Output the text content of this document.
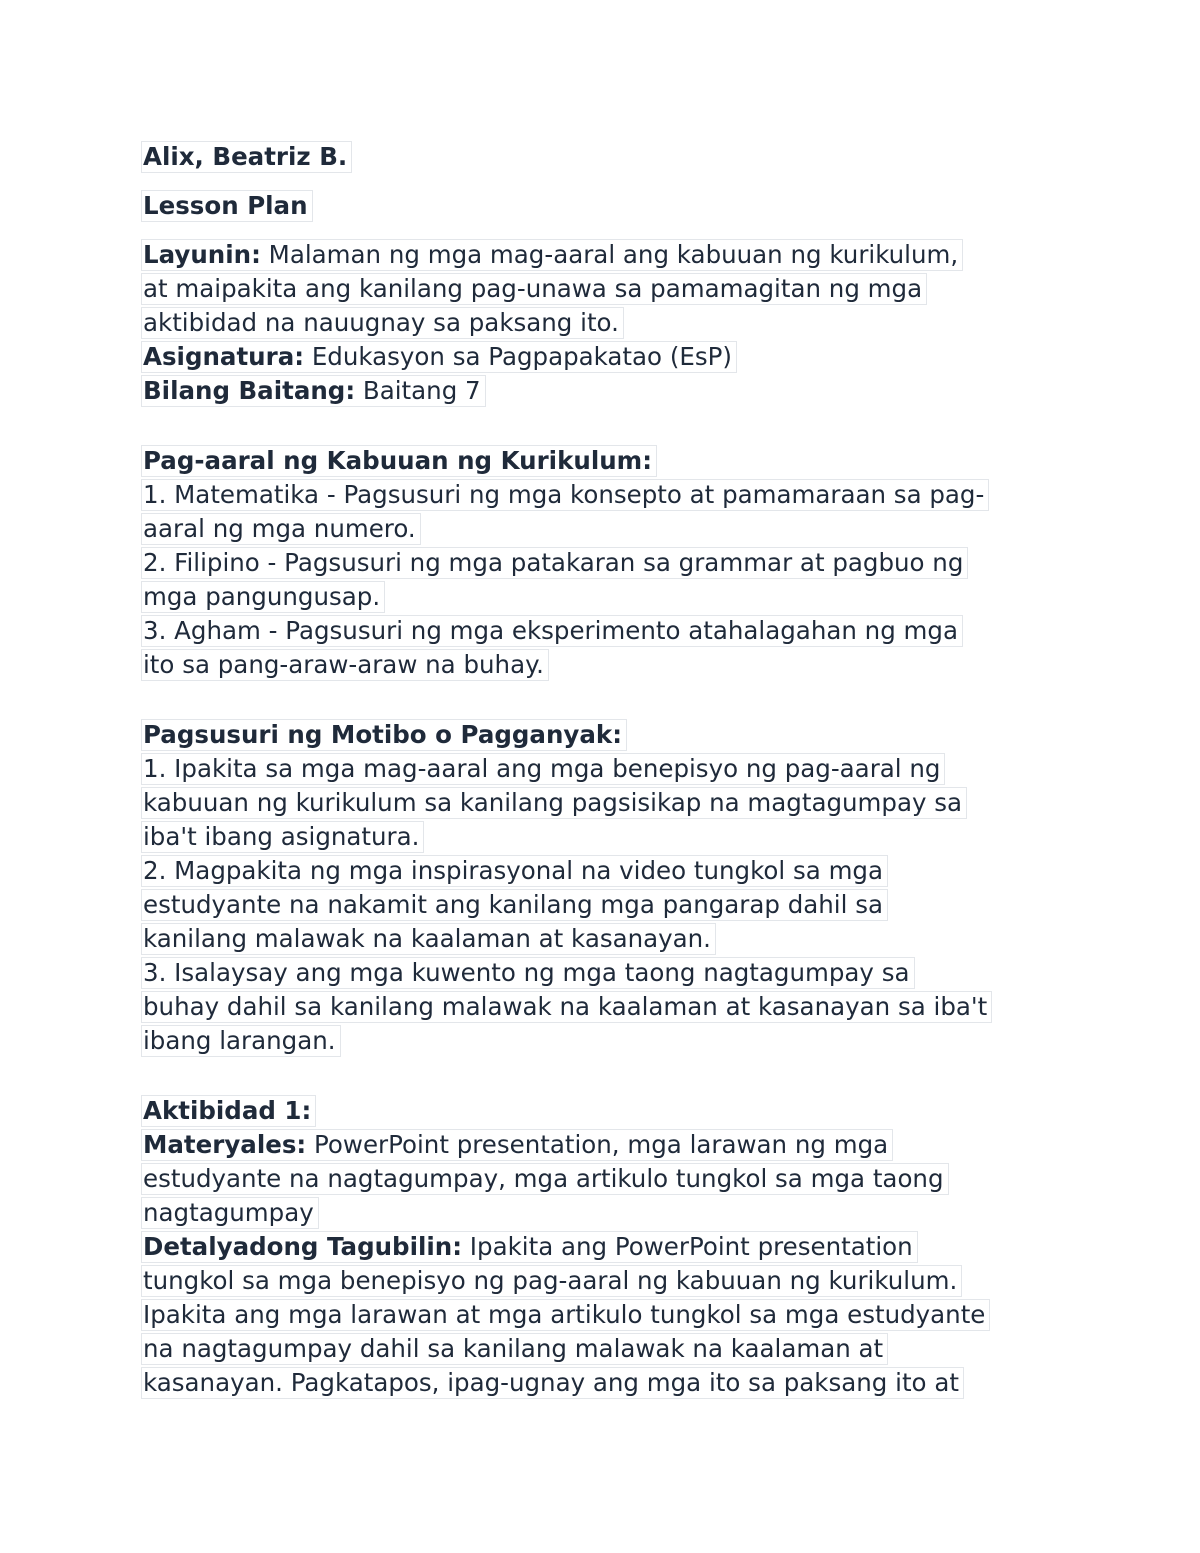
Alix, Beatriz B.
Lesson Plan
Layunin: Malaman ng mga mag-aaral ang kabuuan ng kurikulum,
at maipakita ang kanilang pag-unawa sa pamamagitan ng mga
aktibidad na nauugnay sa paksang ito.
Asignatura: Edukasyon sa Pagpapakatao (EsP)
Bilang Baitang: Baitang 7
Pag-aaral ng Kabuuan ng Kurikulum:
1. Matematika - Pagsusuri ng mga konsepto at pamamaraan sa pag-
aaral ng mga numero.
2. Filipino - Pagsusuri ng mga patakaran sa grammar at pagbuo ng
mga pangungusap.
3. Agham - Pagsusuri ng mga eksperimento atahalagahan ng mga
ito sa pang-araw-araw na buhay.
Pagsusuri ng Motibo o Pagganyak:
1. Ipakita sa mga mag-aaral ang mga benepisyo ng pag-aaral ng
kabuuan ng kurikulum sa kanilang pagsisikap na magtagumpay sa
iba't ibang asignatura.
2. Magpakita ng mga inspirasyonal na video tungkol sa mga
estudyante na nakamit ang kanilang mga pangarap dahil sa
kanilang malawak na kaalaman at kasanayan.
3. Isalaysay ang mga kuwento ng mga taong nagtagumpay sa
buhay dahil sa kanilang malawak na kaalaman at kasanayan sa iba't
ibang larangan.
Aktibidad 1:
Materyales: PowerPoint presentation, mga larawan ng mga
estudyante na nagtagumpay, mga artikulo tungkol sa mga taong
nagtagumpay
Detalyadong Tagubilin: Ipakita ang PowerPoint presentation
tungkol sa mga benepisyo ng pag-aaral ng kabuuan ng kurikulum.
Ipakita ang mga larawan at mga artikulo tungkol sa mga estudyante
na nagtagumpay dahil sa kanilang malawak na kaalaman at
kasanayan. Pagkatapos, ipag-ugnay ang mga ito sa paksang ito at
